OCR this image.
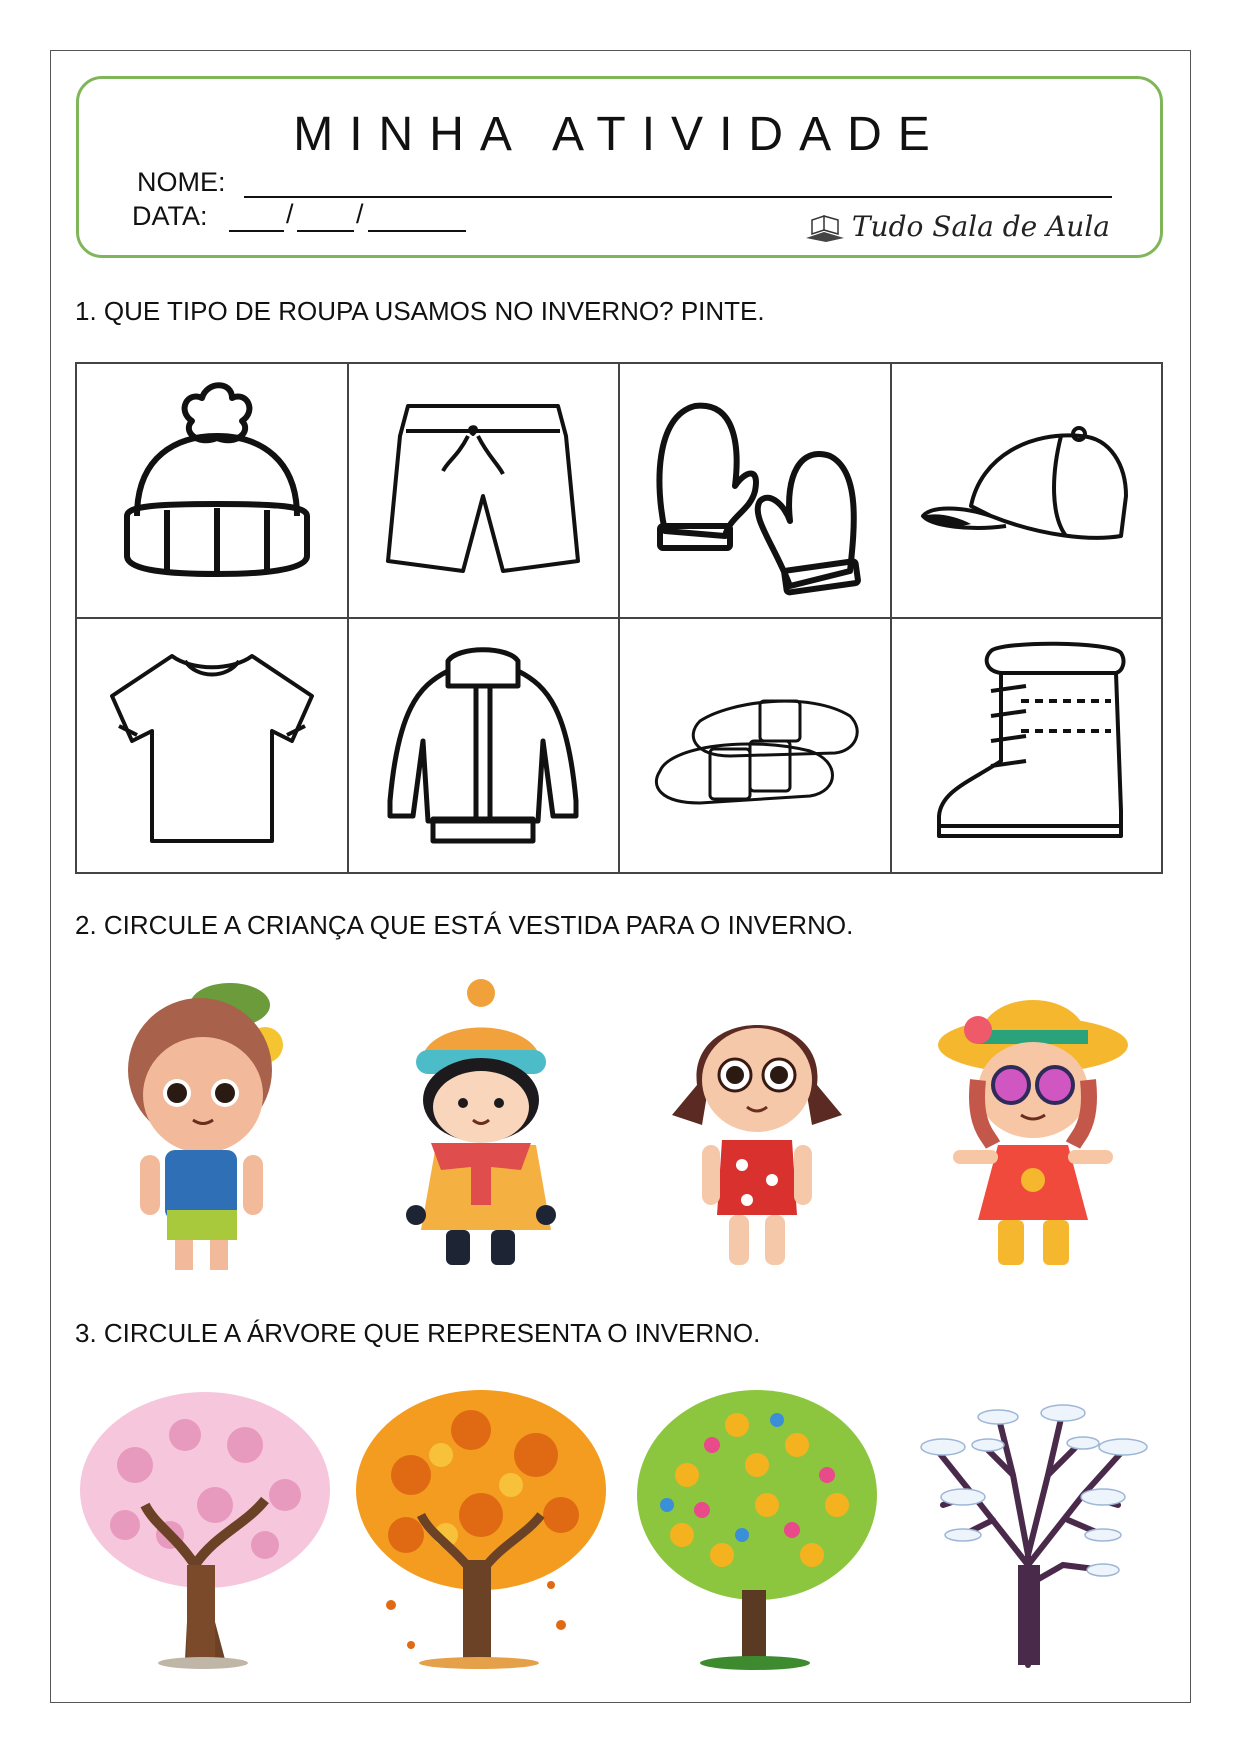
MINHA ATIVIDADE
NOME:
DATA:	/ /	Tudo Sala de Aula
1. QUE TIPO DE ROUPA USAMOS NO INVERNO? PINTE.
2. CIRCULE A CRIANÇA QUE ESTÁ VESTIDA PARA O INVERNO.
3. CIRCULE A ÁRVORE QUE REPRESENTA O INVERNO.
